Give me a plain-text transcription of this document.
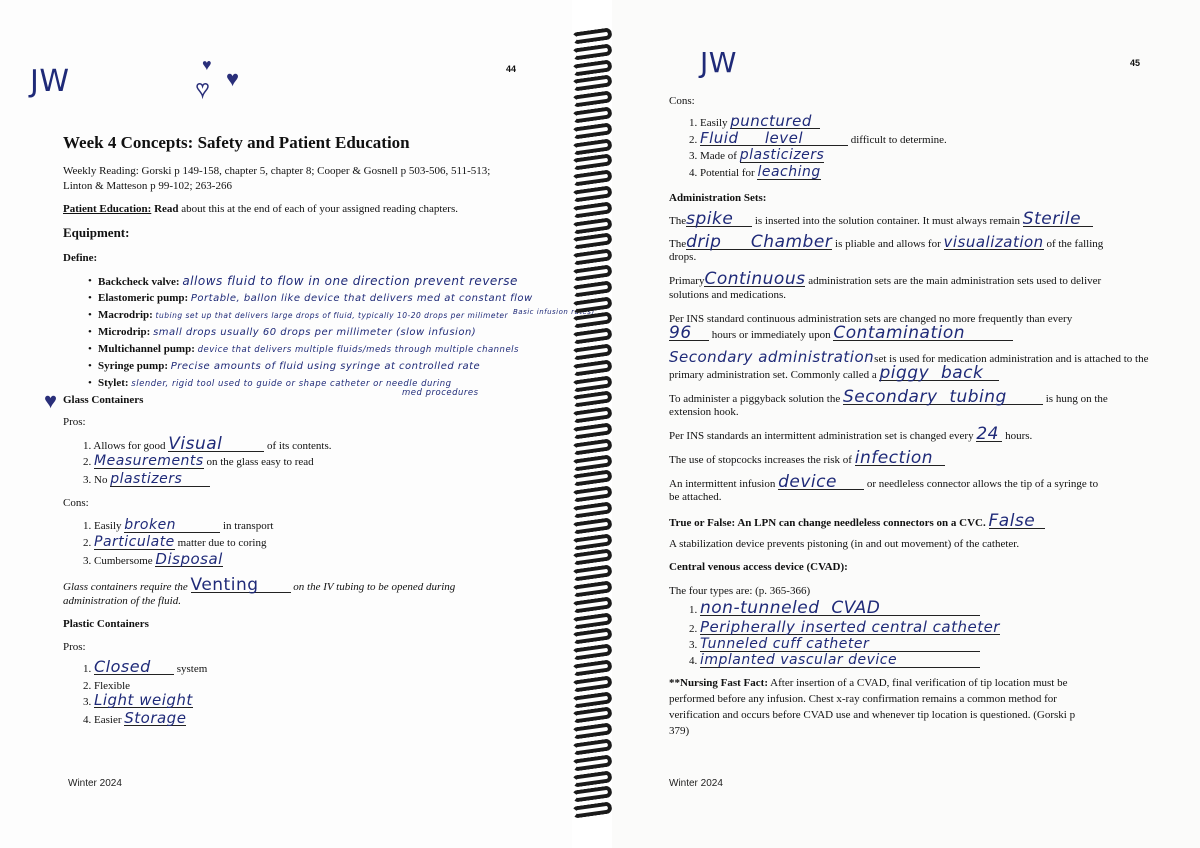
JW	♥
♥ ♥	44
Week 4 Concepts: Safety and Patient Education
Weekly Reading: Gorski p 149-158, chapter 5, chapter 8; Cooper & Gosnell p 503-506, 511-513;
Linton & Matteson p 99-102; 263-266
Patient Education: Read about this at the end of each of your assigned reading chapters.
Equipment:
Define:
• Backcheck valve: allows fluid to flow in one direction prevent reverse
• Elastomeric pump: Portable, ballon like device that delivers med at constant flow
• Macrodrip: tubing set up that delivers large drops of fluid, typically 10-20 drops per milimeter Basic infusion rates)
• Microdrip: small drops usually 60 drops per millimeter (slow infusion)
• Multichannel pump: device that delivers multiple fluids/meds through multiple channels
• Syringe pump: Precise amounts of fluid using syringe at controlled rate
• Stylet: slender, rigid tool used to guide or shape catheter or needle during
med procedures
♥ Glass Containers
Pros:
1. Allows for good Visual	of its contents.
2. Measurements on the glass easy to read
3. No plastizers
Cons:
1. Easily broken	in transport
2. Particulate matter due to coring
3. Cumbersome Disposal
Glass containers require the Venting	on the IV tubing to be opened during
administration of the fluid.
Plastic Containers
Pros:
1. Closed system
2. Flexible
3. Light weight
4. Easier Storage
Winter 2024
JW	45
Cons:
1. Easily punctured
2. Fluid     level	difficult to determine.
3. Made of plasticizers
4. Potential for leaching
Administration Sets:
Thespike is inserted into the solution container. It must always remain Sterile
Thedrip     Chamber is pliable and allows for visualization of the falling
drops.
PrimaryContinuous administration sets are the main administration sets used to deliver
solutions and medications.
Per INS standard continuous administration sets are changed no more frequently than every
96 hours or immediately upon Contamination
Secondary administrationset is used for medication administration and is attached to the
primary administration set. Commonly called a piggy  back
To administer a piggyback solution the Secondary  tubing	is hung on the
extension hook.
Per INS standards an intermittent administration set is changed every 24 hours.
The use of stopcocks increases the risk of infection
An intermittent infusion device	or needleless connector allows the tip of a syringe to
be attached.
True or False: An LPN can change needleless connectors on a CVC. False
A stabilization device prevents pistoning (in and out movement) of the catheter.
Central venous access device (CVAD):
The four types are: (p. 365-366)
1. non-tunneled  CVAD
2. Peripherally inserted central catheter
3. Tunneled cuff catheter
4. implanted vascular device
**Nursing Fast Fact: After insertion of a CVAD, final verification of tip location must be
performed before any infusion. Chest x-ray confirmation remains a common method for
verification and occurs before CVAD use and whenever tip location is questioned. (Gorski p
379)
Winter 2024
